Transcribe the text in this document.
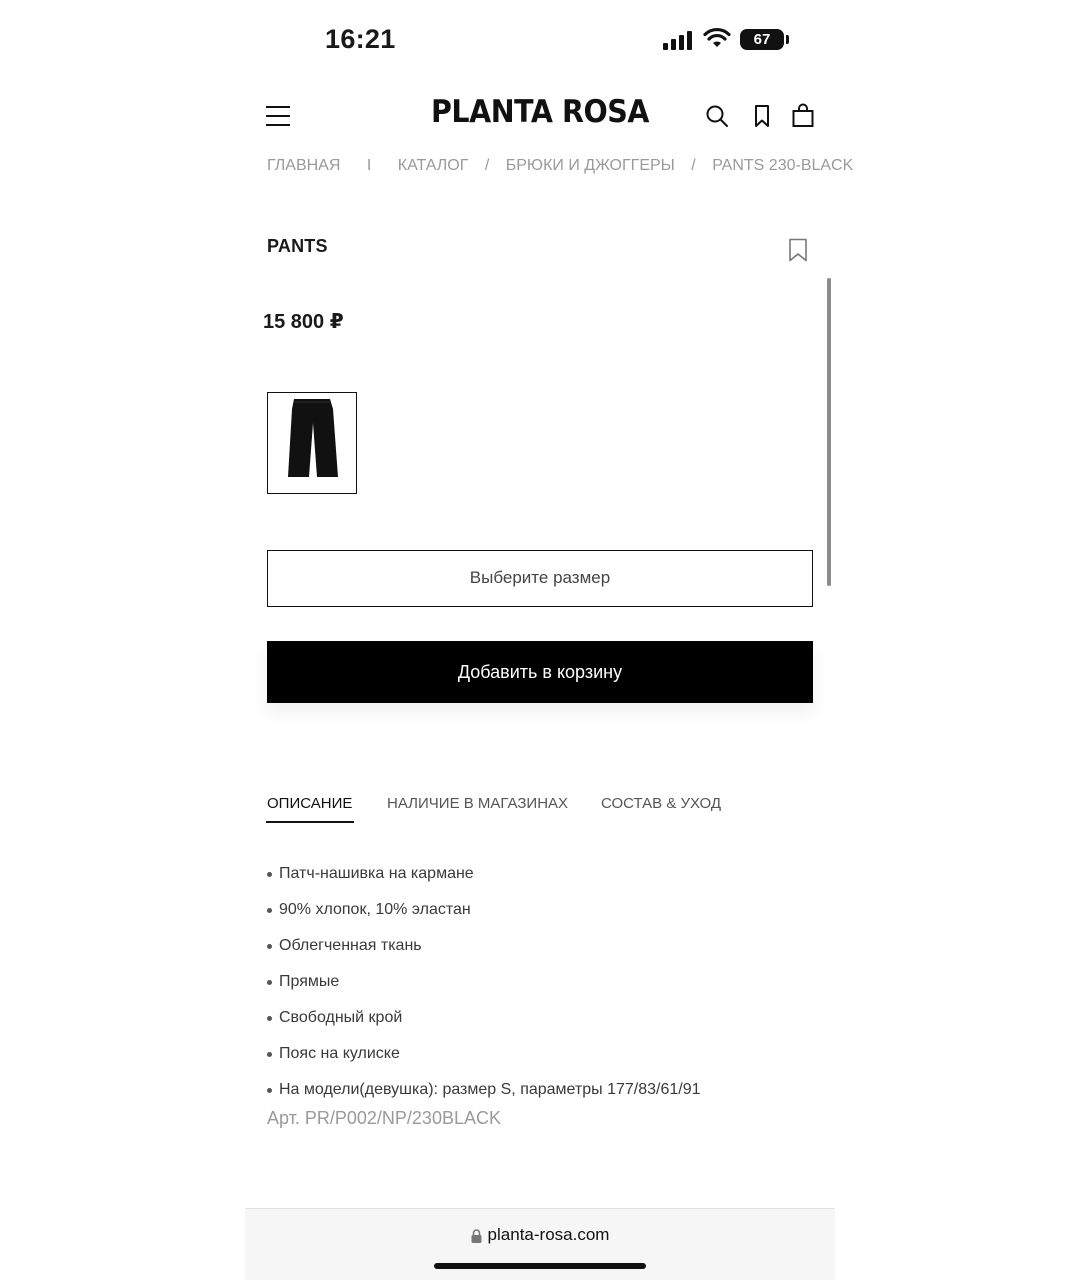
16:21	67
PLANTA ROSA
ГЛАВНАЯ I КАТАЛОГ / БРЮКИ И ДЖОГГЕРЫ / PANTS 230-BLACK
PANTS
15 800 ₽
Выберите размер
Добавить в корзину
ОПИСАНИЕ НАЛИЧИЕ В МАГАЗИНАХ СОСТАВ & УХОД
Патч-нашивка на кармане
90% хлопок, 10% эластан
Облегченная ткань
Прямые
Свободный крой
Пояс на кулиске
На модели(девушка): размер S, параметры 177/83/61/91
Арт. PR/P002/NP/230BLACK
planta-rosa.com
